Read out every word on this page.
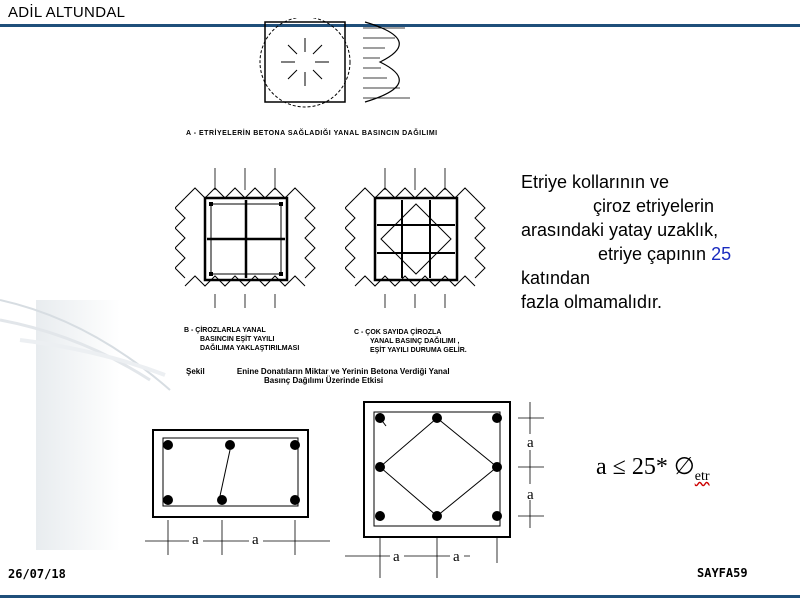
ADİL ALTUNDAL
A - ETRİYELERİN BETONA SAĞLADIĞI YANAL BASINCIN DAĞILIMI
B - ÇİROZLARLA YANAL
BASINCIN EŞİT YAYILI
DAĞILIMA YAKLAŞTIRILMASI
C - ÇOK SAYIDA ÇİROZLA
YANAL BASINÇ DAĞILIMI ,
EŞİT YAYILI DURUMA GELİR.
Şekil	Enine Donatıların Miktar ve Yerinin Betona Verdiği Yanal
Basınç Dağılımı Üzerinde Etkisi
a	a
a	a
a
a
Etriye kollarının ve
çiroz etriyelerin
arasındaki yatay uzaklık,
etriye çapının 25
katından
fazla olmamalıdır.
a ≤ 25* $\emptyset_{etr}$
26/07/18	SAYFA59
